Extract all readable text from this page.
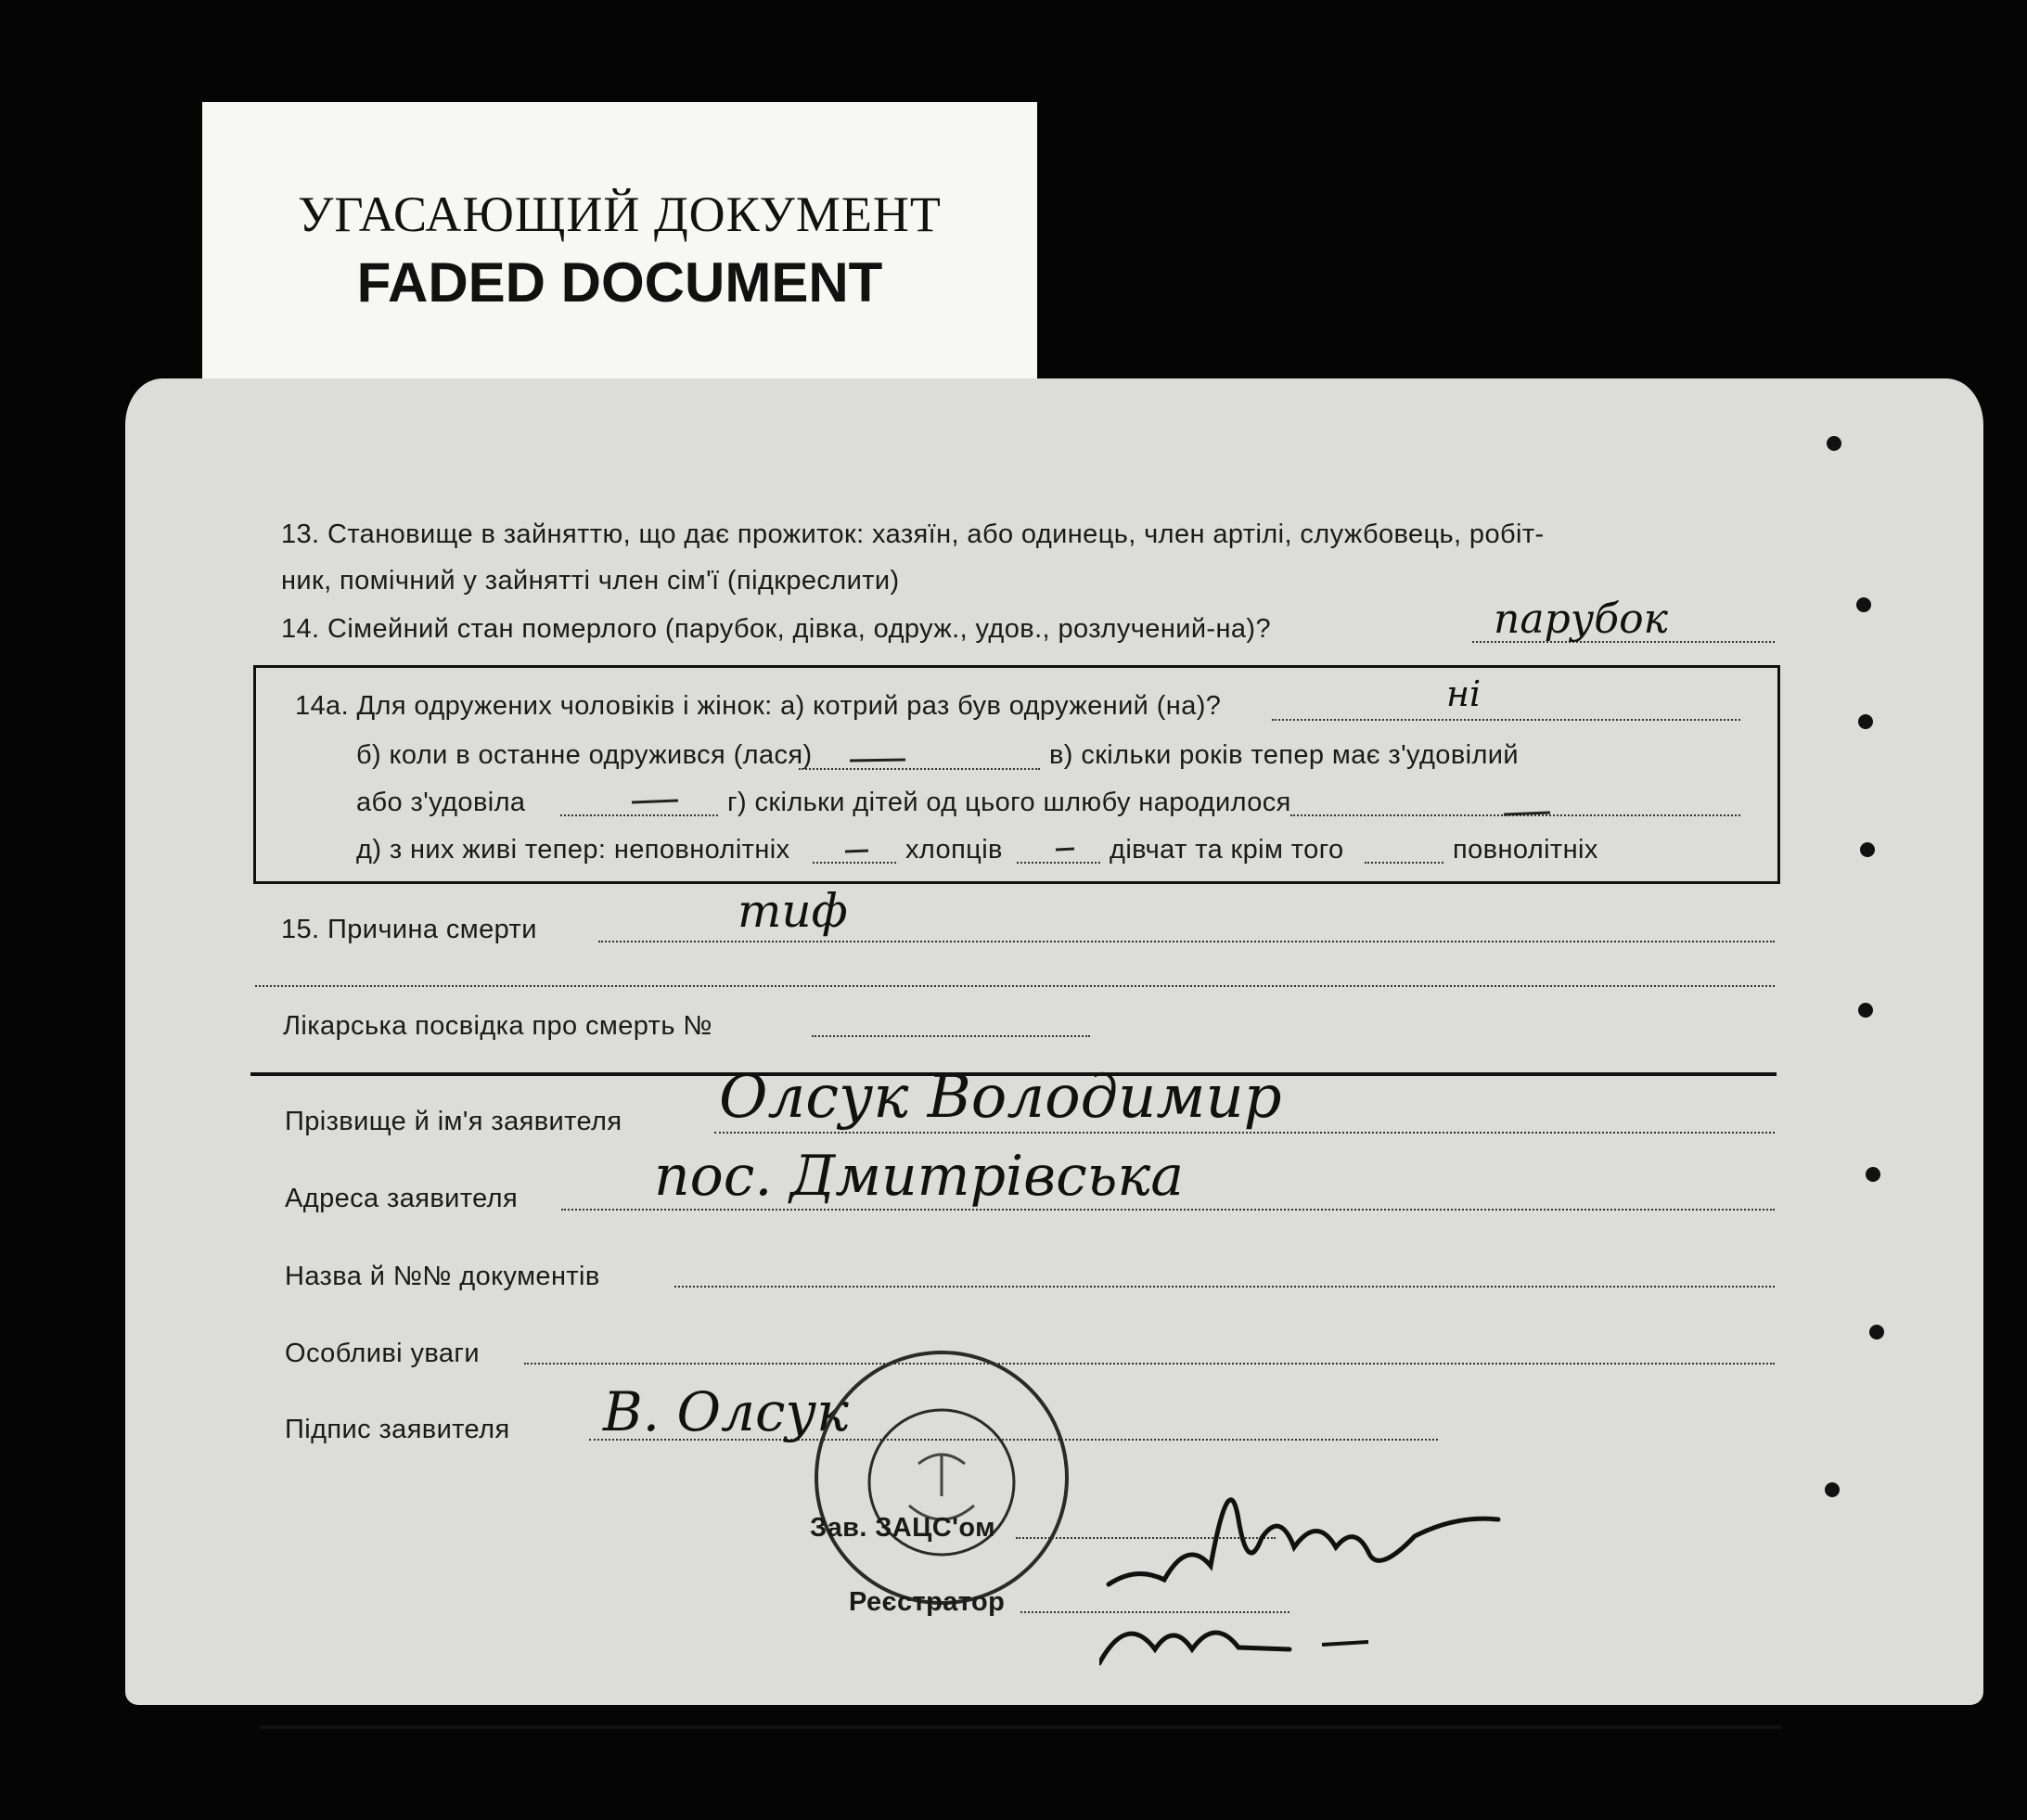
УГАСАЮЩИЙ ДОКУМЕНТ
FADED DOCUMENT
13. Становище в зайняттю, що дає прожиток: хазяїн, або одинець, член артілі, службовець, робіт-
ник, помічний у зайнятті член сім'ї (підкреслити)
14. Сімейний стан померлого (парубок, дівка, одруж., удов., розлучений-на)?	парубок
14а. Для одружених чоловіків і жінок: а) котрий раз був одружений (на)?	ні
б) коли в останне одружився (лася)	в) скільки років тепер має з'удовілий
або з'удовіла	г) скільки дітей од цього шлюбу народилося
д) з них живі тепер: неповнолітніх	хлопців	дівчат та крім того	повнолітніх
15. Причина смерти	тиф
Лікарська посвідка про смерть №
Прізвище й ім'я заявителя Олсук Володимир
Адреса заявителя пос. Дмитрівська
Назва й №№ документів
Особливі уваги
Підпис заявителя В. Олсук
Зав. ЗАЦС'ом
Реєстратор
